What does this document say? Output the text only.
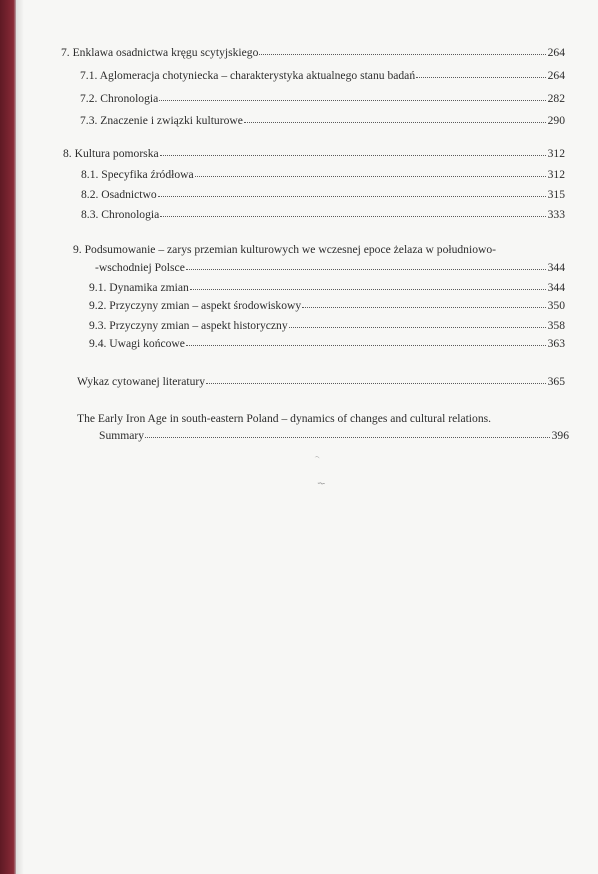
7. Enklawa osadnictwa kręgu scytyjskiego	264
7.1. Aglomeracja chotyniecka – charakterystyka aktualnego stanu badań	264
7.2. Chronologia	282
7.3. Znaczenie i związki kulturowe	290
8. Kultura pomorska	312
8.1. Specyfika źródłowa	312
8.2. Osadnictwo	315
8.3. Chronologia	333
9. Podsumowanie – zarys przemian kulturowych we wczesnej epoce żelaza w południowo-
-wschodniej Polsce	344
9.1. Dynamika zmian	344
9.2. Przyczyny zmian – aspekt środowiskowy	350
9.3. Przyczyny zmian – aspekt historyczny	358
9.4. Uwagi końcowe	363
Wykaz cytowanej literatury	365
The Early Iron Age in south-eastern Poland – dynamics of changes and cultural relations.
Summary	396
⁾
⌇
